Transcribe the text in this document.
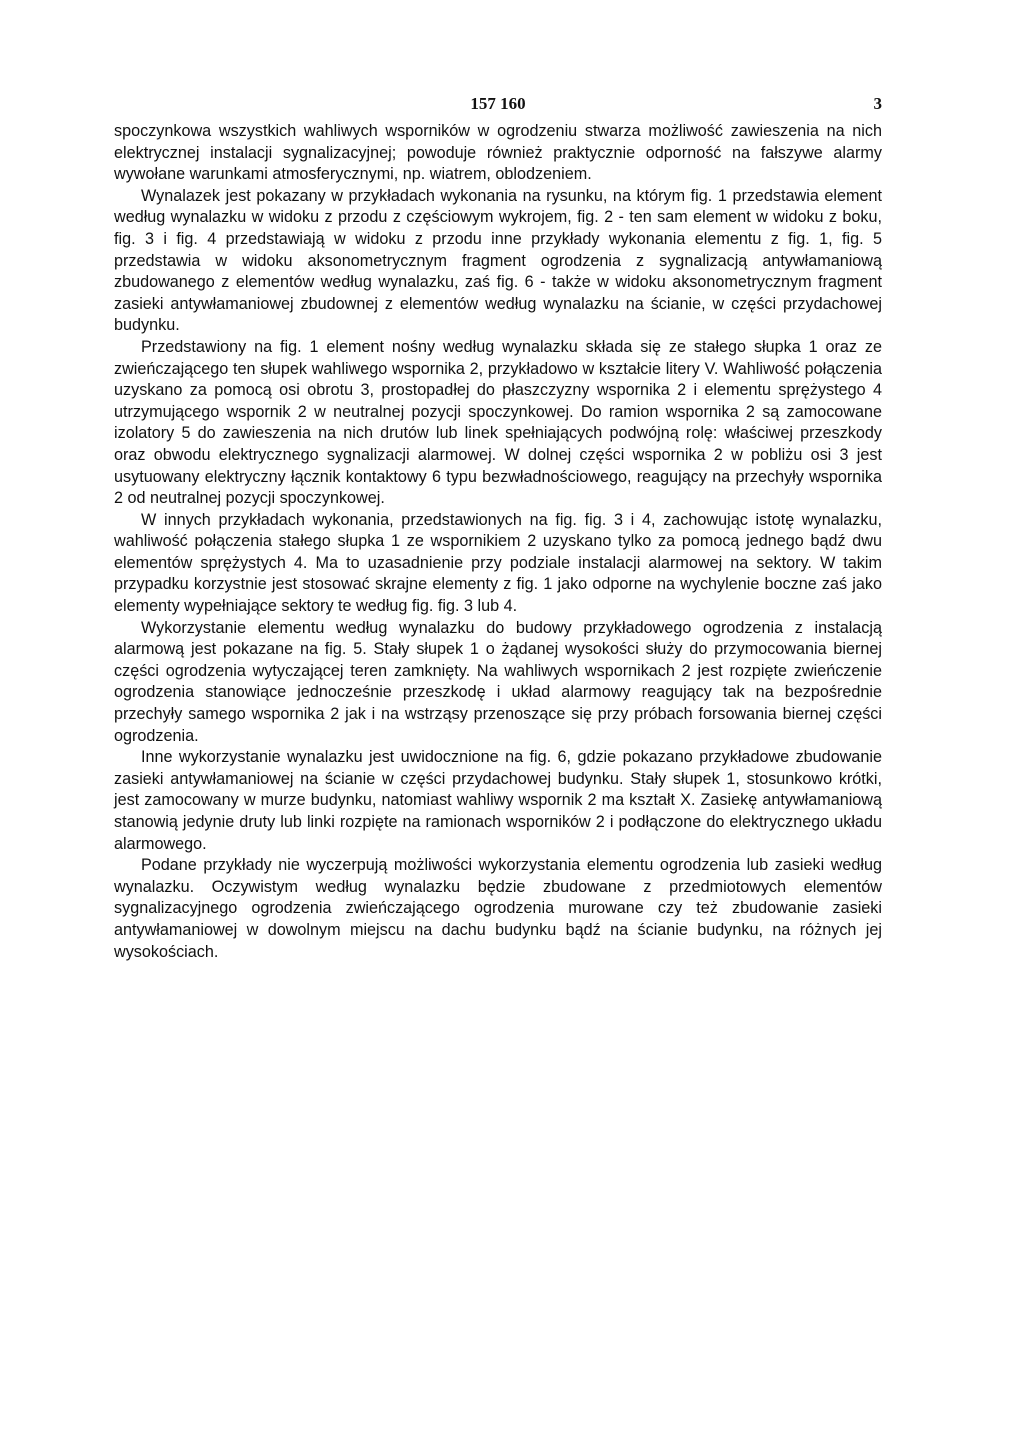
157 160	3

spoczynkowa wszystkich wahliwych wsporników w ogrodzeniu stwarza możliwość zawieszenia na nich elektrycznej instalacji sygnalizacyjnej; powoduje również praktycznie odporność na fałszywe alarmy wywołane warunkami atmosferycznymi, np. wiatrem, oblodzeniem.

Wynalazek jest pokazany w przykładach wykonania na rysunku, na którym fig. 1 przedstawia element według wynalazku w widoku z przodu z częściowym wykrojem, fig. 2 - ten sam element w widoku z boku, fig. 3 i fig. 4 przedstawiają w widoku z przodu inne przykłady wykonania elementu z fig. 1, fig. 5 przedstawia w widoku aksonometrycznym fragment ogrodzenia z sygnalizacją antywłamaniową zbudowanego z elementów według wynalazku, zaś fig. 6 - także w widoku aksonometrycznym fragment zasieki antywłamaniowej zbudownej z elementów według wynalazku na ścianie, w części przydachowej budynku.

Przedstawiony na fig. 1 element nośny według wynalazku składa się ze stałego słupka 1 oraz ze zwieńczającego ten słupek wahliwego wspornika 2, przykładowo w kształcie litery V. Wahliwość połączenia uzyskano za pomocą osi obrotu 3, prostopadłej do płaszczyzny wspornika 2 i elementu sprężystego 4 utrzymującego wspornik 2 w neutralnej pozycji spoczynkowej. Do ramion wspornika 2 są zamocowane izolatory 5 do zawieszenia na nich drutów lub linek spełniających podwójną rolę: właściwej przeszkody oraz obwodu elektrycznego sygnalizacji alarmowej. W dolnej części wspornika 2 w pobliżu osi 3 jest usytuowany elektryczny łącznik kontaktowy 6 typu bezwładnościowego, reagujący na przechyły wspornika 2 od neutralnej pozycji spoczynkowej.

W innych przykładach wykonania, przedstawionych na fig. fig. 3 i 4, zachowując istotę wynalazku, wahliwość połączenia stałego słupka 1 ze wspornikiem 2 uzyskano tylko za pomocą jednego bądź dwu elementów sprężystych 4. Ma to uzasadnienie przy podziale instalacji alarmowej na sektory. W takim przypadku korzystnie jest stosować skrajne elementy z fig. 1 jako odporne na wychylenie boczne zaś jako elementy wypełniające sektory te według fig. fig. 3 lub 4.

Wykorzystanie elementu według wynalazku do budowy przykładowego ogrodzenia z instalacją alarmową jest pokazane na fig. 5. Stały słupek 1 o żądanej wysokości służy do przymocowania biernej części ogrodzenia wytyczającej teren zamknięty. Na wahliwych wspornikach 2 jest rozpięte zwieńczenie ogrodzenia stanowiące jednocześnie przeszkodę i układ alarmowy reagujący tak na bezpośrednie przechyły samego wspornika 2 jak i na wstrząsy przenoszące się przy próbach forsowania biernej części ogrodzenia.

Inne wykorzystanie wynalazku jest uwidocznione na fig. 6, gdzie pokazano przykładowe zbudowanie zasieki antywłamaniowej na ścianie w części przydachowej budynku. Stały słupek 1, stosunkowo krótki, jest zamocowany w murze budynku, natomiast wahliwy wspornik 2 ma kształt X. Zasiekę antywłamaniową stanowią jedynie druty lub linki rozpięte na ramionach wsporników 2 i podłączone do elektrycznego układu alarmowego.

Podane przykłady nie wyczerpują możliwości wykorzystania elementu ogrodzenia lub zasieki według wynalazku. Oczywistym według wynalazku będzie zbudowane z przedmiotowych elementów sygnalizacyjnego ogrodzenia zwieńczającego ogrodzenia murowane czy też zbudowanie zasieki antywłamaniowej w dowolnym miejscu na dachu budynku bądź na ścianie budynku, na różnych jej wysokościach.
